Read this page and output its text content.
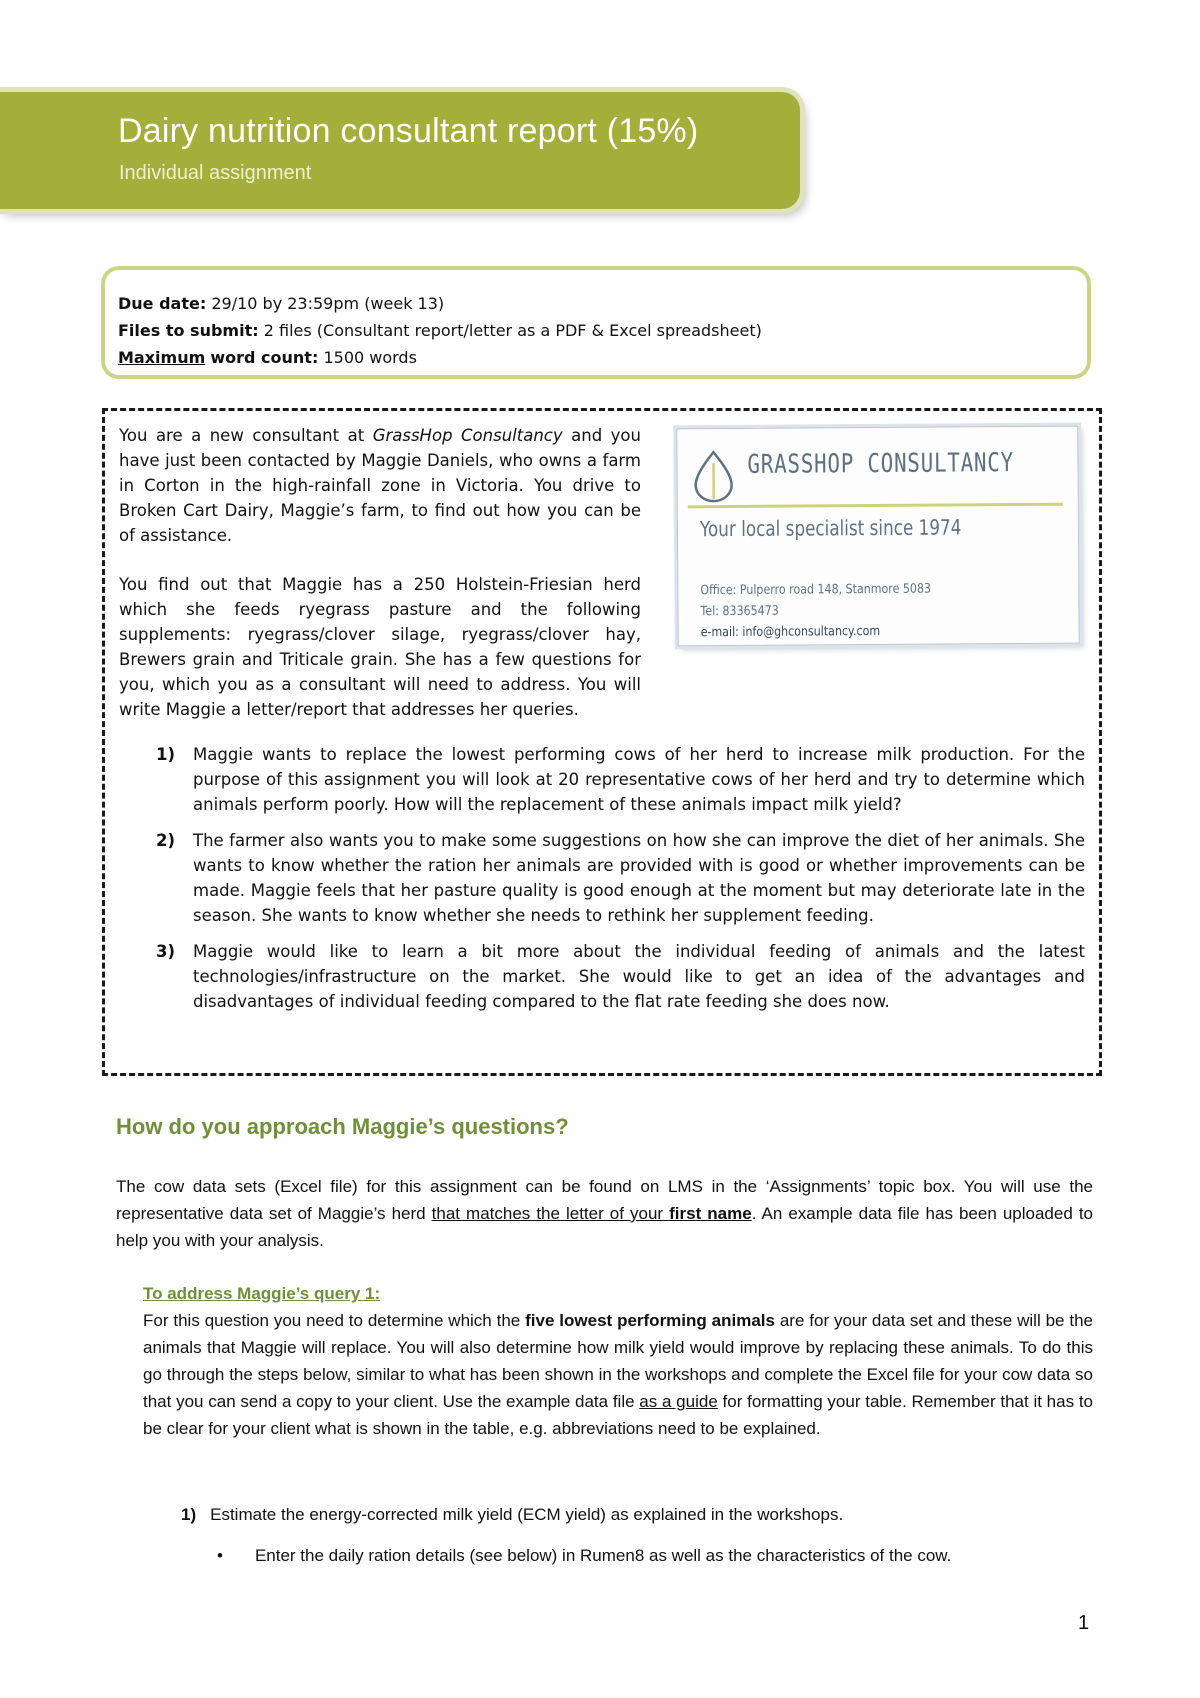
Dairy nutrition consultant report (15%)
Individual assignment
Due date: 29/10 by 23:59pm (week 13)
Files to submit: 2 files (Consultant report/letter as a PDF & Excel spreadsheet)
Maximum word count: 1500 words
GRASSHOP CONSULTANCY
Your local specialist since 1974
Office: Pulperro road 148, Stanmore 5083
Tel: 83365473
e-mail: info@ghconsultancy.com

You are a new consultant at GrassHop Consultancy and you have just been contacted by Maggie Daniels, who owns a farm in Corton in the high-rainfall zone in Victoria. You drive to Broken Cart Dairy, Maggie’s farm, to find out how you can be of assistance.

You find out that Maggie has a 250 Holstein-Friesian herd which she feeds ryegrass pasture and the following supplements: ryegrass/clover silage, ryegrass/clover hay, Brewers grain and Triticale grain. She has a few questions for you, which you as a consultant will need to address. You will write Maggie a letter/report that addresses her queries.

1) Maggie wants to replace the lowest performing cows of her herd to increase milk production. For the purpose of this assignment you will look at 20 representative cows of her herd and try to determine which animals perform poorly. How will the replacement of these animals impact milk yield?
2) The farmer also wants you to make some suggestions on how she can improve the diet of her animals. She wants to know whether the ration her animals are provided with is good or whether improvements can be made. Maggie feels that her pasture quality is good enough at the moment but may deteriorate late in the season. She wants to know whether she needs to rethink her supplement feeding.
3) Maggie would like to learn a bit more about the individual feeding of animals and the latest technologies/infrastructure on the market. She would like to get an idea of the advantages and disadvantages of individual feeding compared to the flat rate feeding she does now.
How do you approach Maggie’s questions?

The cow data sets (Excel file) for this assignment can be found on LMS in the ‘Assignments’ topic box. You will use the representative data set of Maggie’s herd that matches the letter of your first name. An example data file has been uploaded to help you with your analysis.

To address Maggie’s query 1:

For this question you need to determine which the five lowest performing animals are for your data set and these will be the animals that Maggie will replace. You will also determine how milk yield would improve by replacing these animals. To do this go through the steps below, similar to what has been shown in the workshops and complete the Excel file for your cow data so that you can send a copy to your client. Use the example data file as a guide for formatting your table. Remember that it has to be clear for your client what is shown in the table, e.g. abbreviations need to be explained.

1) Estimate the energy-corrected milk yield (ECM yield) as explained in the workshops.
• Enter the daily ration details (see below) in Rumen8 as well as the characteristics of the cow.
1
